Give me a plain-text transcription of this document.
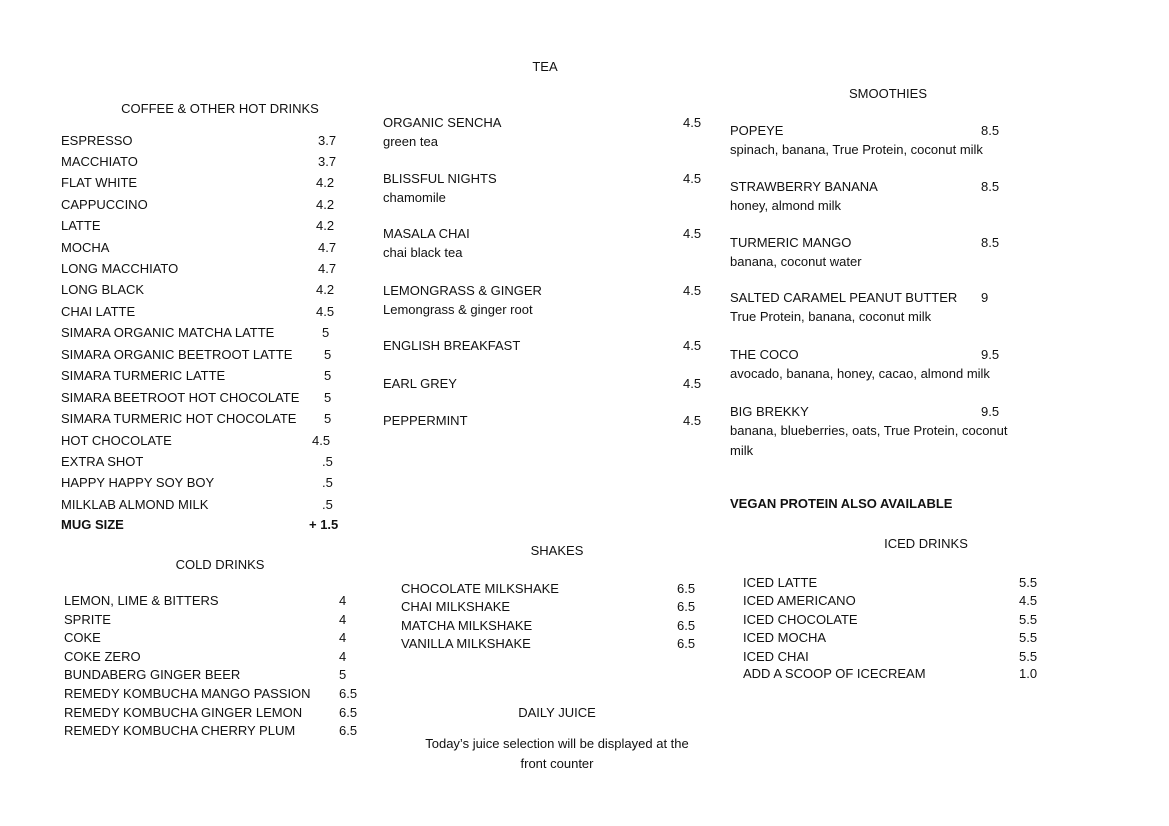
COFFEE & OTHER HOT DRINKS
COLD DRINKS
TEA
SHAKES
DAILY JUICE
Today’s juice selection will be displayed at the
front counter
SMOOTHIES
VEGAN PROTEIN ALSO AVAILABLE
ICED DRINKS
ESPRESSO	3.7
MACCHIATO	3.7
FLAT WHITE	4.2
CAPPUCCINO	4.2
LATTE	4.2
MOCHA	4.7
LONG MACCHIATO	4.7
LONG BLACK	4.2
CHAI LATTE	4.5
SIMARA ORGANIC MATCHA LATTE	5
SIMARA ORGANIC BEETROOT LATTE 5
SIMARA TURMERIC LATTE	5
SIMARA BEETROOT HOT CHOCOLATE 5
SIMARA TURMERIC HOT CHOCOLATE 5
HOT CHOCOLATE	4.5
EXTRA SHOT	.5
HAPPY HAPPY SOY BOY	.5
MILKLAB ALMOND MILK	.5
MUG SIZE	+ 1.5
LEMON, LIME & BITTERS	4
SPRITE	4
COKE	4
COKE ZERO	4
BUNDABERG GINGER BEER	5
REMEDY KOMBUCHA MANGO PASSION 6.5
REMEDY KOMBUCHA GINGER LEMON	6.5
REMEDY KOMBUCHA CHERRY PLUM	6.5
CHOCOLATE MILKSHAKE	6.5
CHAI MILKSHAKE	6.5
MATCHA MILKSHAKE	6.5
VANILLA MILKSHAKE	6.5
ICED LATTE	5.5
ICED AMERICANO	4.5
ICED CHOCOLATE	5.5
ICED MOCHA	5.5
ICED CHAI	5.5
ADD A SCOOP OF ICECREAM	1.0
ORGANIC SENCHA	4.5
green tea
BLISSFUL NIGHTS	4.5
chamomile
MASALA CHAI	4.5
chai black tea
LEMONGRASS & GINGER	4.5
Lemongrass & ginger root
ENGLISH BREAKFAST	4.5
EARL GREY	4.5
PEPPERMINT	4.5
POPEYE	8.5
spinach, banana, True Protein, coconut milk
STRAWBERRY BANANA	8.5
honey, almond milk
TURMERIC MANGO	8.5
banana, coconut water
SALTED CARAMEL PEANUT BUTTER 9
True Protein, banana, coconut milk
THE COCO	9.5
avocado, banana, honey, cacao, almond milk
BIG BREKKY	9.5
banana, blueberries, oats, True Protein, coconut
milk
